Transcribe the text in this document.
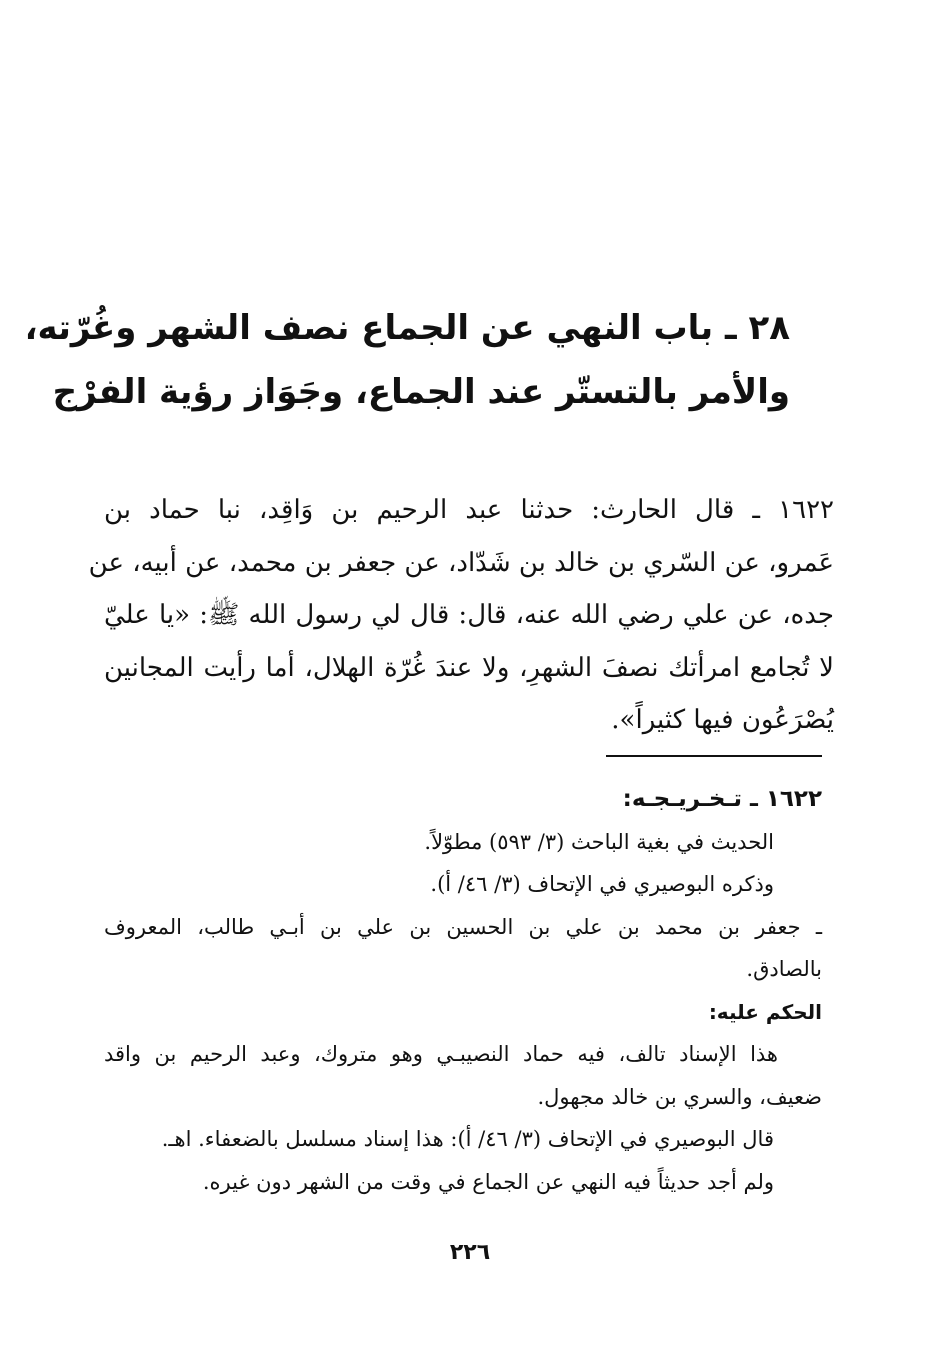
٢٨ ـ باب النهي عن الجماع نصف الشهر وغُرّته،
والأمر بالتستّر عند الجماع، وجَوَاز رؤية الفرْج
١٦٢٢ ـ قال الحارث: حدثنا عبد الرحيم بن وَاقِد، نبا حماد بن
عَمرو، عن السّري بن خالد بن شَدّاد، عن جعفر بن محمد، عن أبيه، عن
جده، عن علي رضي الله عنه، قال: قال لي رسول الله ﷺ: «يا عليّ
لا تُجامع امرأتك نصفَ الشهرِ، ولا عندَ غُرّة الهلال، أما رأيت المجانين
يُصْرَعُون فيها كثيراً».
١٦٢٢ ـ تـخـريـجـه:
الحديث في بغية الباحث (٣/ ٥٩٣) مطوّلاً.
وذكره البوصيري في الإتحاف (٣/ ٤٦/ أ).
ـ جعفر بن محمد بن علي بن الحسين بن علي بن أبـي طالب، المعروف
بالصادق.
الحكم عليه:
هذا الإسناد تالف، فيه حماد النصيبـي وهو متروك، وعبد الرحيم بن واقد
ضعيف، والسري بن خالد مجهول.
قال البوصيري في الإتحاف (٣/ ٤٦/ أ): هذا إسناد مسلسل بالضعفاء. اهـ.
ولم أجد حديثاً فيه النهي عن الجماع في وقت من الشهر دون غيره.
٢٢٦
